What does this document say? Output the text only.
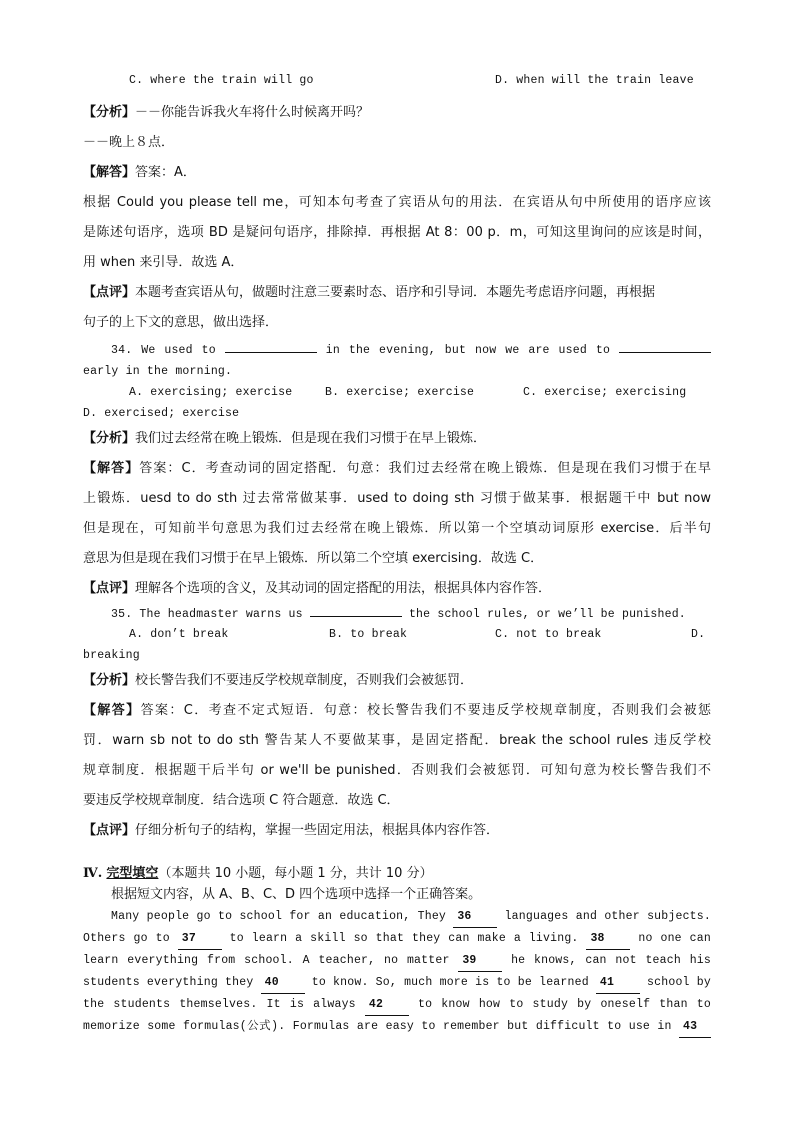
C. where the train will go	D. when will the train leave
【分析】－－你能告诉我火车将什么时候离开吗？
－－晚上８点．
【解答】答案：A．
根据 Could you please tell me，可知本句考查了宾语从句的用法．在宾语从句中所使用的语序应该
是陈述句语序，选项 BD 是疑问句语序，排除掉．再根据 At 8：00 p．m，可知这里询问的应该是时间，
用 when 来引导．故选 A．
【点评】本题考查宾语从句，做题时注意三要素时态、语序和引导词．本题先考虑语序问题，再根据
句子的上下文的意思，做出选择．
34. We used to	in the evening, but now we are used to
early in the morning.
A. exercising; exercise	B. exercise; exercise	C. exercise; exercising
D. exercised; exercise
【分析】我们过去经常在晚上锻炼．但是现在我们习惯于在早上锻炼．
【解答】答案：C．考查动词的固定搭配．句意：我们过去经常在晚上锻炼．但是现在我们习惯于在早
上锻炼．uesd to do sth 过去常常做某事．used to doing sth 习惯于做某事．根据题干中 but now
但是现在，可知前半句意思为我们过去经常在晚上锻炼．所以第一个空填动词原形 exercise．后半句
意思为但是现在我们习惯于在早上锻炼．所以第二个空填 exercising．故选 C．
【点评】理解各个选项的含义，及其动词的固定搭配的用法，根据具体内容作答．
35. The headmaster warns us	the school rules, or we’ll be punished.
A. don’t break	B. to break	C. not to break	D.
breaking
【分析】校长警告我们不要违反学校规章制度，否则我们会被惩罚．
【解答】答案：C．考查不定式短语．句意：校长警告我们不要违反学校规章制度，否则我们会被惩
罚．warn sb not to do sth 警告某人不要做某事，是固定搭配．break the school rules 违反学校
规章制度．根据题干后半句 or we'll be punished．否则我们会被惩罚．可知句意为校长警告我们不
要违反学校规章制度．结合选项 C 符合题意．故选 C．
【点评】仔细分析句子的结构，掌握一些固定用法，根据具体内容作答．
Ⅳ. 完型填空（本题共 10 小题，每小题 1 分，共计 10 分）
根据短文内容，从 A、B、C、D 四个选项中选择一个正确答案。
Many people go to school for an education, They 36	languages and other subjects.
Others go to 37	to learn a skill so that they can make a living. 38	no one can
learn everything from school. A teacher, no matter 39	he knows, can not teach his
students everything they 40	to know. So, much more is to be learned 41	school by
the students themselves. It is always 42	to know how to study by oneself than to
memorize some formulas(公式). Formulas are easy to remember but difficult to use in 43
